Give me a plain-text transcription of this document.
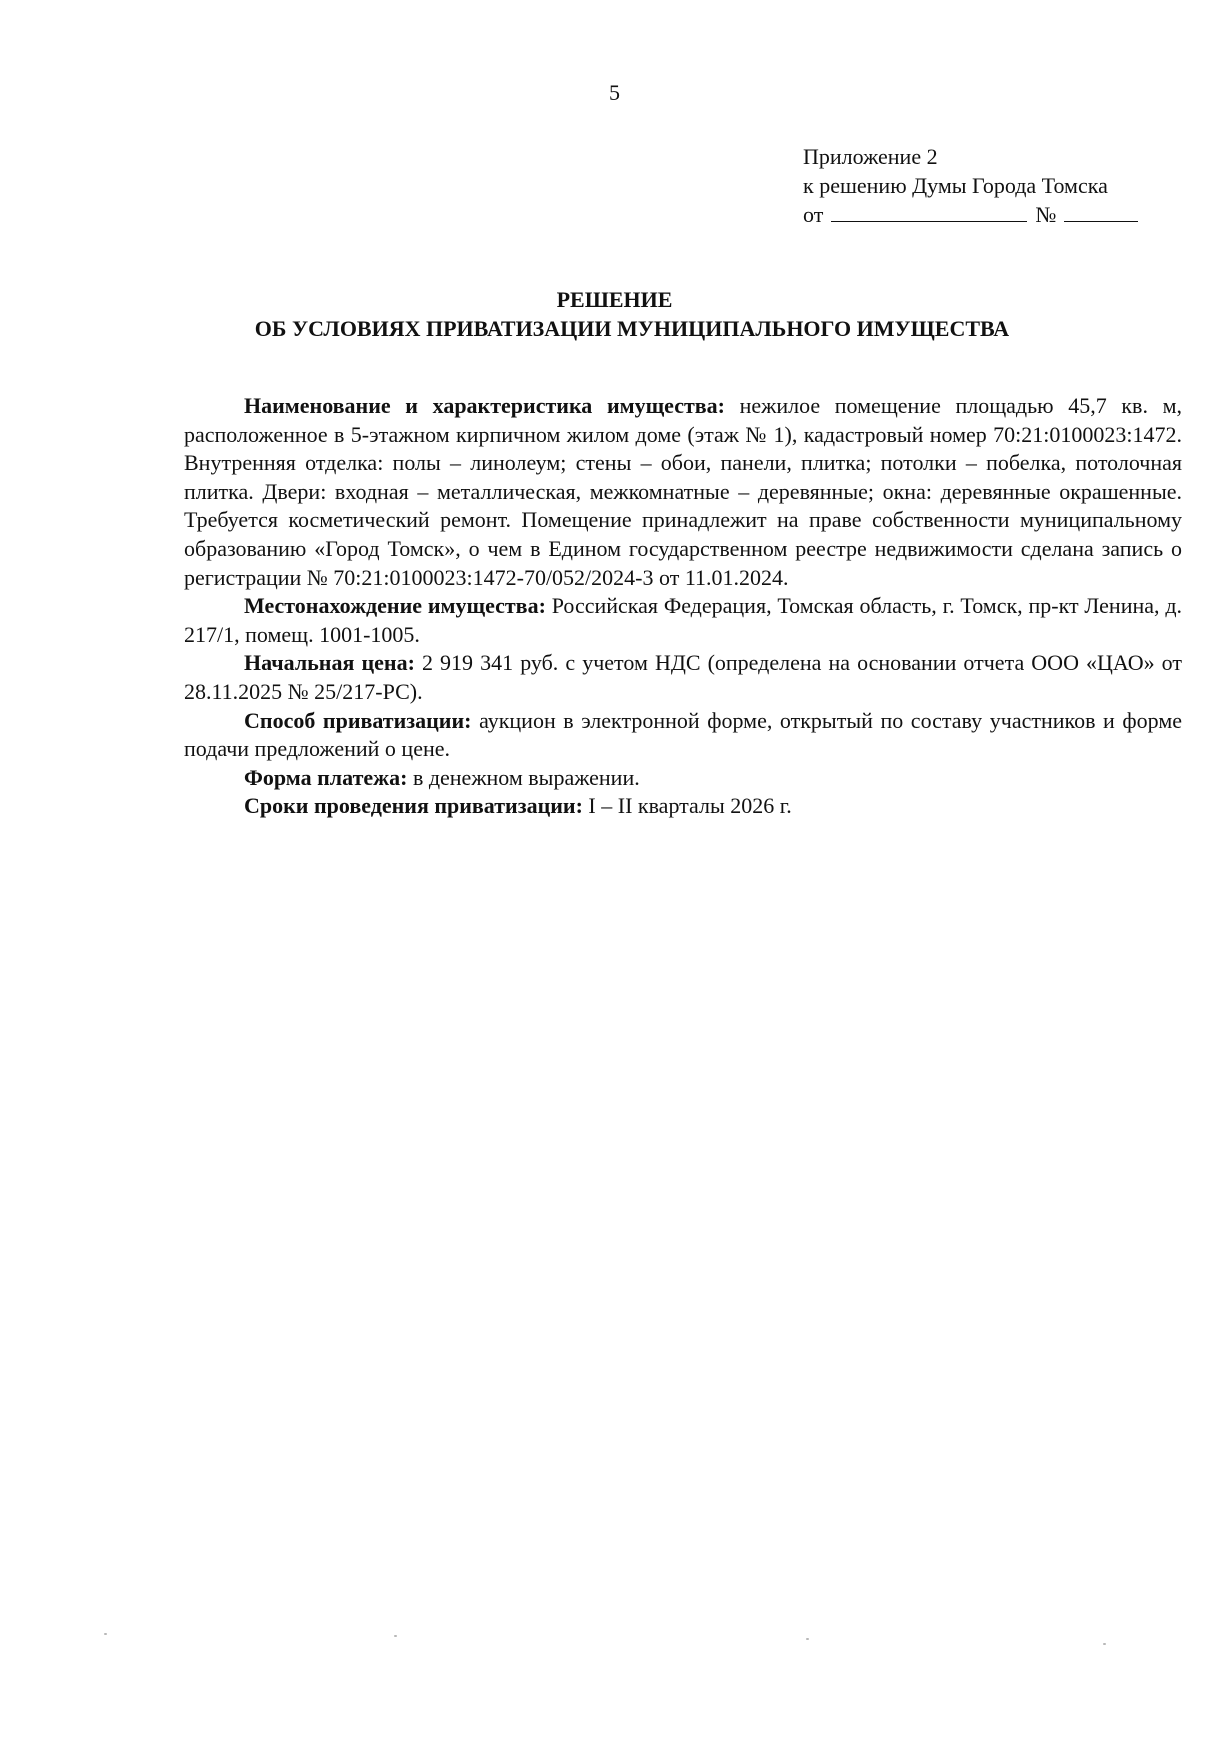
5
Приложение 2
к решению Думы Города Томска
от	№
РЕШЕНИЕ
ОБ УСЛОВИЯХ ПРИВАТИЗАЦИИ МУНИЦИПАЛЬНОГО ИМУЩЕСТВА

Наименование и характеристика имущества: нежилое помещение площадью 45,7 кв. м, расположенное в 5-этажном кирпичном жилом доме (этаж № 1), кадастровый номер 70:21:0100023:1472. Внутренняя отделка: полы – линолеум; стены – обои, панели, плитка; потолки – побелка, потолочная плитка. Двери: входная – металлическая, межкомнатные – деревянные; окна: деревянные окрашенные. Требуется косметический ремонт. Помещение принадлежит на праве собственности муниципальному образованию «Город Томск», о чем в Едином государственном реестре недвижимости сделана запись о регистрации № 70:21:0100023:1472-70/052/2024-3 от 11.01.2024.

Местонахождение имущества: Российская Федерация, Томская область, г. Томск, пр-кт Ленина, д. 217/1, помещ. 1001-1005.

Начальная цена: 2 919 341 руб. с учетом НДС (определена на основании отчета ООО «ЦАО» от 28.11.2025 № 25/217-РС).

Способ приватизации: аукцион в электронной форме, открытый по составу участников и форме подачи предложений о цене.

Форма платежа: в денежном выражении.

Сроки проведения приватизации: I – II кварталы 2026 г.
